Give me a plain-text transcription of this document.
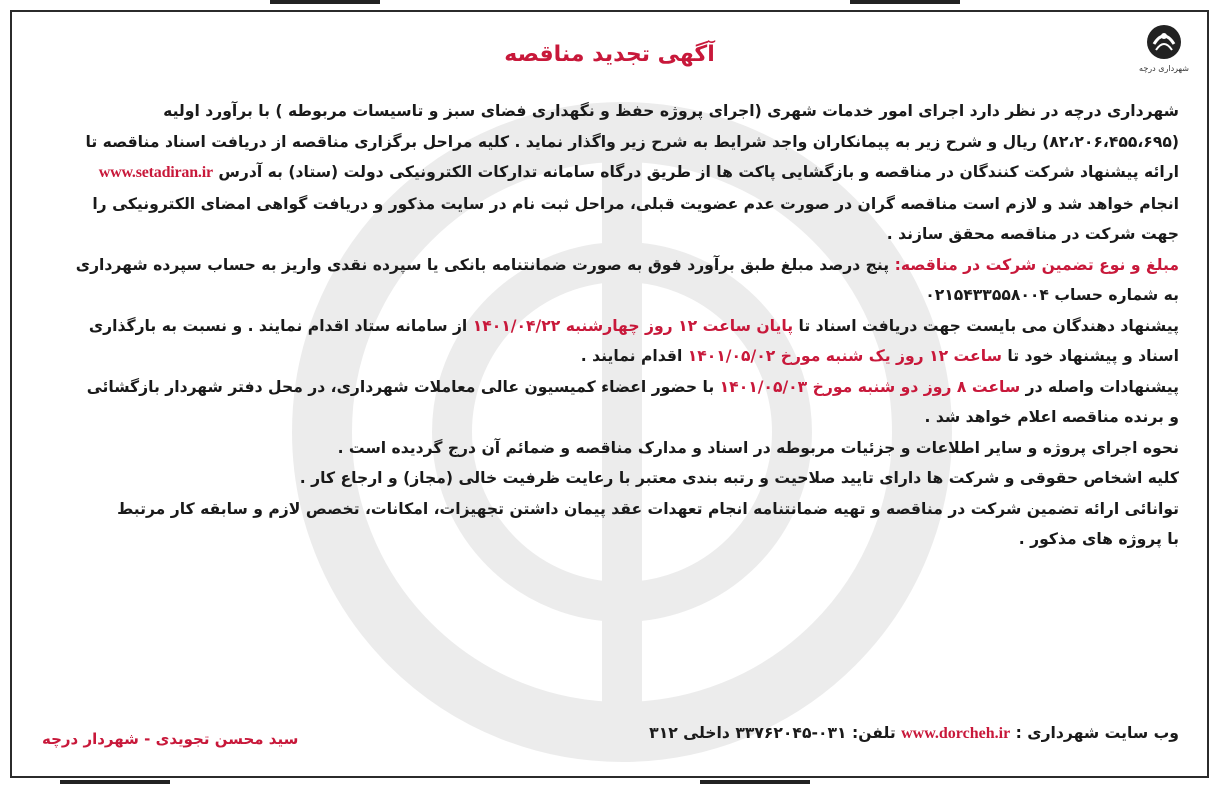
شهرداری درچه
آگهی تجدید مناقصه

شهرداری درچه در نظر دارد اجرای امور خدمات شهری (اجرای پروژه حفظ و نگهداری فضای سبز و تاسیسات مربوطه ) با برآورد اولیه

(۸۲،۲۰۶،۴۵۵،۶۹۵) ریال و شرح زیر به پیمانکاران واجد شرایط به شرح زیر واگذار نماید . کلیه مراحل برگزاری مناقصه از دریافت اسناد مناقصه تا

ارائه پیشنهاد شرکت کنندگان در مناقصه و بازگشایی پاکت ها از طریق درگاه سامانه تدارکات الکترونیکی دولت (ستاد) به آدرس www.setadiran.ir

انجام خواهد شد و لازم است مناقصه گران در صورت عدم عضویت قبلی، مراحل ثبت نام در سایت مذکور و دریافت گواهی امضای الکترونیکی را

جهت شرکت در مناقصه محقق سازند .

مبلغ و نوع تضمین شرکت در مناقصه: پنج درصد مبلغ طبق برآورد فوق به صورت ضمانتنامه بانکی یا سپرده نقدی واریز به حساب سپرده شهرداری

به شماره حساب ۰۲۱۵۴۳۳۵۵۸۰۰۴

پیشنهاد دهندگان می بایست جهت دریافت اسناد تا پایان ساعت ۱۲ روز چهارشنبه ۱۴۰۱/۰۴/۲۲ از سامانه ستاد اقدام نمایند . و نسبت به بارگذاری

اسناد و پیشنهاد خود تا ساعت ۱۲ روز یک شنبه مورخ ۱۴۰۱/۰۵/۰۲ اقدام نمایند .

پیشنهادات واصله در ساعت ۸ روز دو شنبه مورخ ۱۴۰۱/۰۵/۰۳ با حضور اعضاء کمیسیون عالی معاملات شهرداری، در محل دفتر شهردار بازگشائی

و برنده مناقصه اعلام خواهد شد .

نحوه اجرای پروژه و سایر اطلاعات و جزئیات مربوطه در اسناد و مدارک مناقصه و ضمائم آن درج گردیده است .

کلیه اشخاص حقوقی و شرکت ها دارای تایید صلاحیت و رتبه بندی معتبر با رعایت ظرفیت خالی (مجاز) و ارجاع کار .

توانائی ارائه تضمین شرکت در مناقصه و تهیه ضمانتنامه انجام تعهدات عقد پیمان داشتن تجهیزات، امکانات، تخصص لازم و سابقه کار مرتبط

با پروژه های مذکور .

وب سایت شهرداری : www.dorcheh.ir تلفن: ۰۳۱-۳۳۷۶۲۰۴۵ داخلی ۳۱۲
سید محسن تجویدی - شهردار درچه
